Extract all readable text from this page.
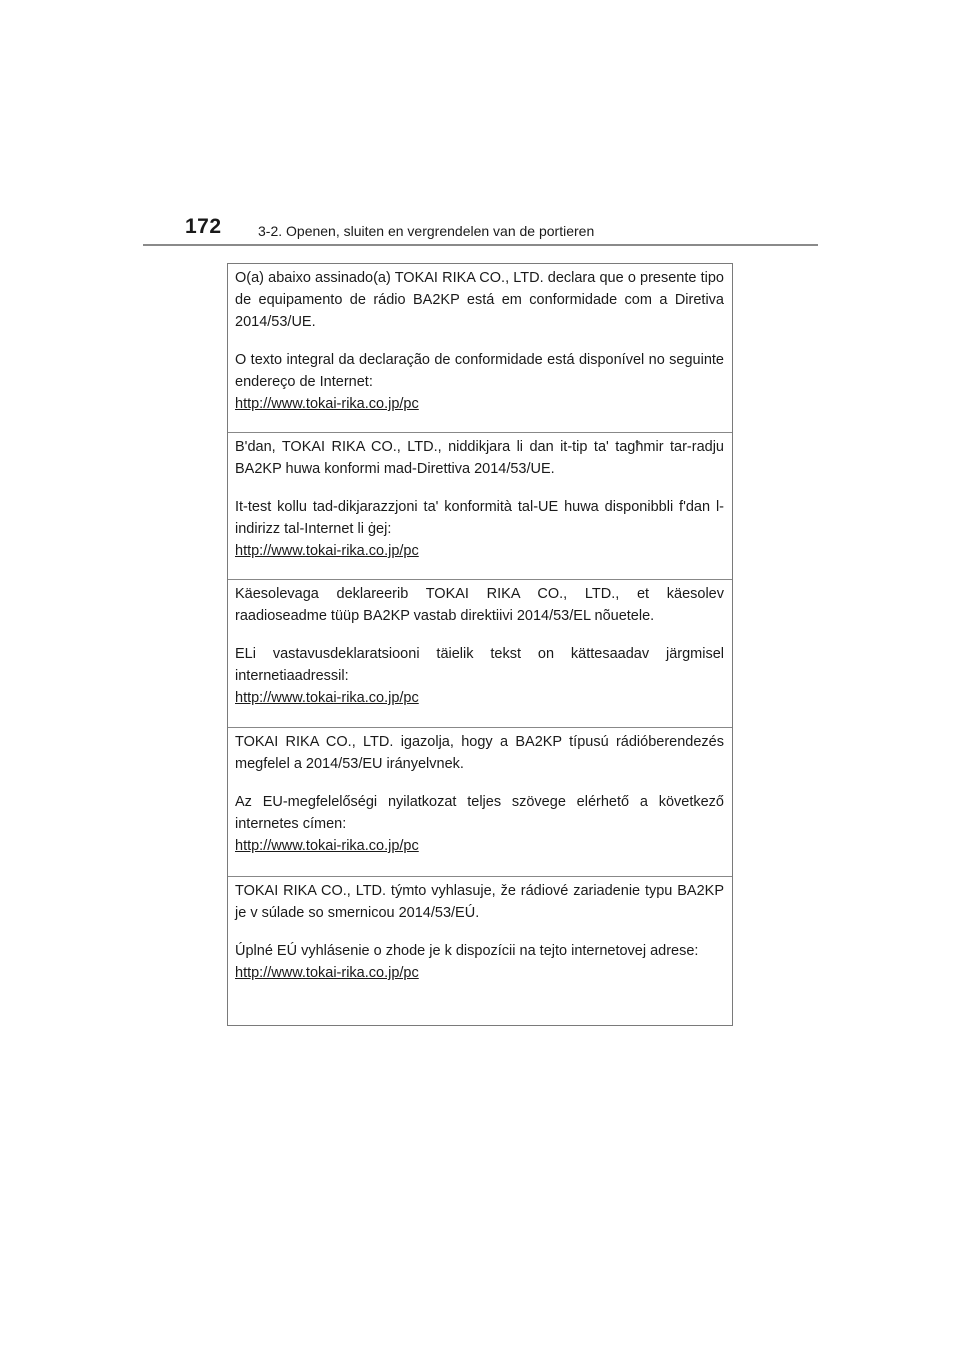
172	3-2. Openen, sluiten en vergrendelen van de portieren

O(a) abaixo assinado(a) TOKAI RIKA CO., LTD. declara que o presente tipo de equipamento de rádio BA2KP está em conformidade com a Diretiva 2014/53/UE.

O texto integral da declaração de conformidade está disponível no seguinte endereço de Internet:

http://www.tokai-rika.co.jp/pc

B'dan, TOKAI RIKA CO., LTD., niddikjara li dan it-tip ta' tagħmir tar-radju BA2KP huwa konformi mad-Direttiva 2014/53/UE.

It-test kollu tad-dikjarazzjoni ta' konformità tal-UE huwa disponibbli f'dan l-indirizz tal-Internet li ġej:

http://www.tokai-rika.co.jp/pc

Käesolevaga deklareerib TOKAI RIKA CO., LTD., et käesolev raadioseadme tüüp BA2KP vastab direktiivi 2014/53/EL nõuetele.

ELi vastavusdeklaratsiooni täielik tekst on kättesaadav järgmisel internetiaadressil:

http://www.tokai-rika.co.jp/pc

TOKAI RIKA CO., LTD. igazolja, hogy a BA2KP típusú rádióberendezés megfelel a 2014/53/EU irányelvnek.

Az EU-megfelelőségi nyilatkozat teljes szövege elérhető a következő internetes címen:

http://www.tokai-rika.co.jp/pc

TOKAI RIKA CO., LTD. týmto vyhlasuje, že rádiové zariadenie typu BA2KP je v súlade so smernicou 2014/53/EÚ.

Úplné EÚ vyhlásenie o zhode je k dispozícii na tejto internetovej adrese:

http://www.tokai-rika.co.jp/pc
